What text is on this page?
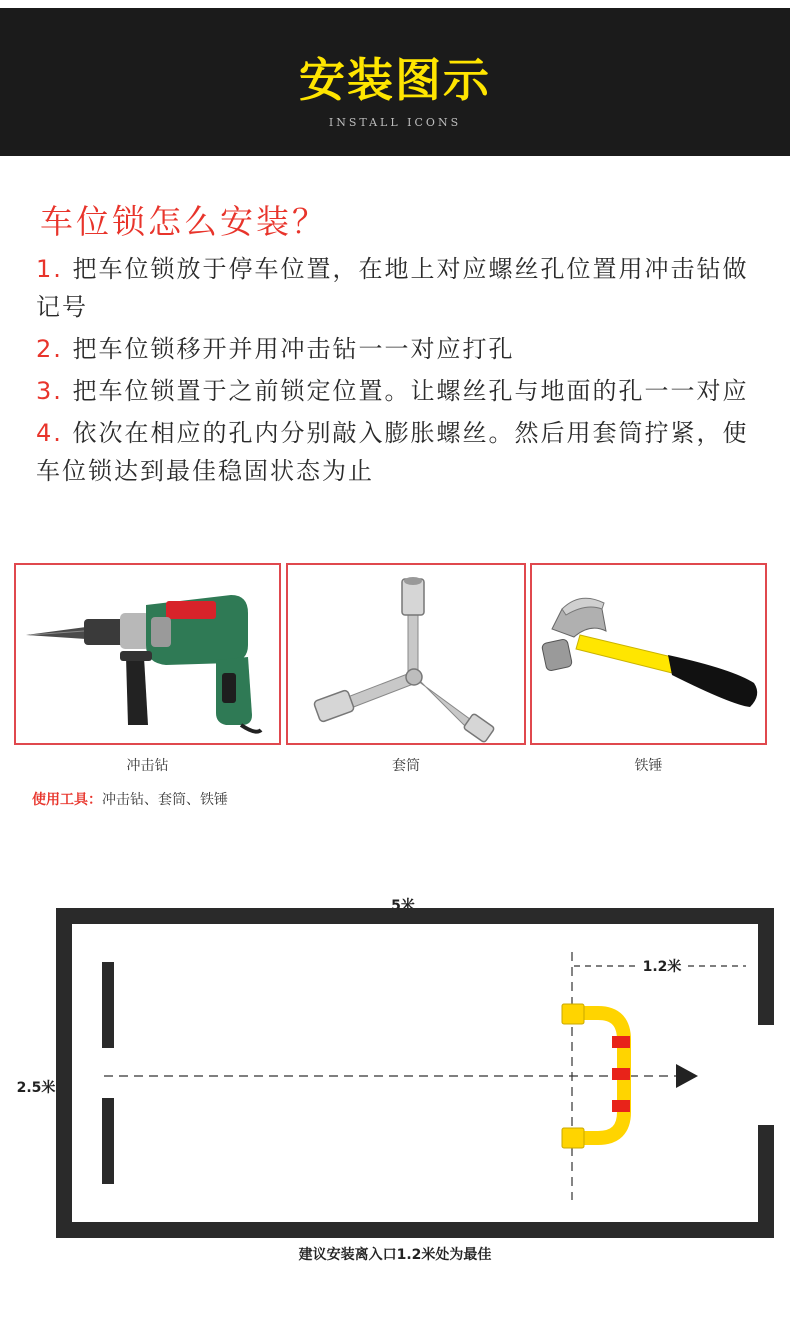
安装图示
INSTALL ICONS
车位锁怎么安装？
1. 把车位锁放于停车位置，在地上对应螺丝孔位置用冲击钻做记号
2. 把车位锁移开并用冲击钻一一对应打孔
3. 把车位锁置于之前锁定位置。让螺丝孔与地面的孔一一对应
4. 依次在相应的孔内分别敲入膨胀螺丝。然后用套筒拧紧，使车位锁达到最佳稳固状态为止
冲击钻	套筒	铁锤
使用工具：冲击钻、套筒、铁锤
5米
2.5米
1.2米
建议安装离入口1.2米处为最佳
